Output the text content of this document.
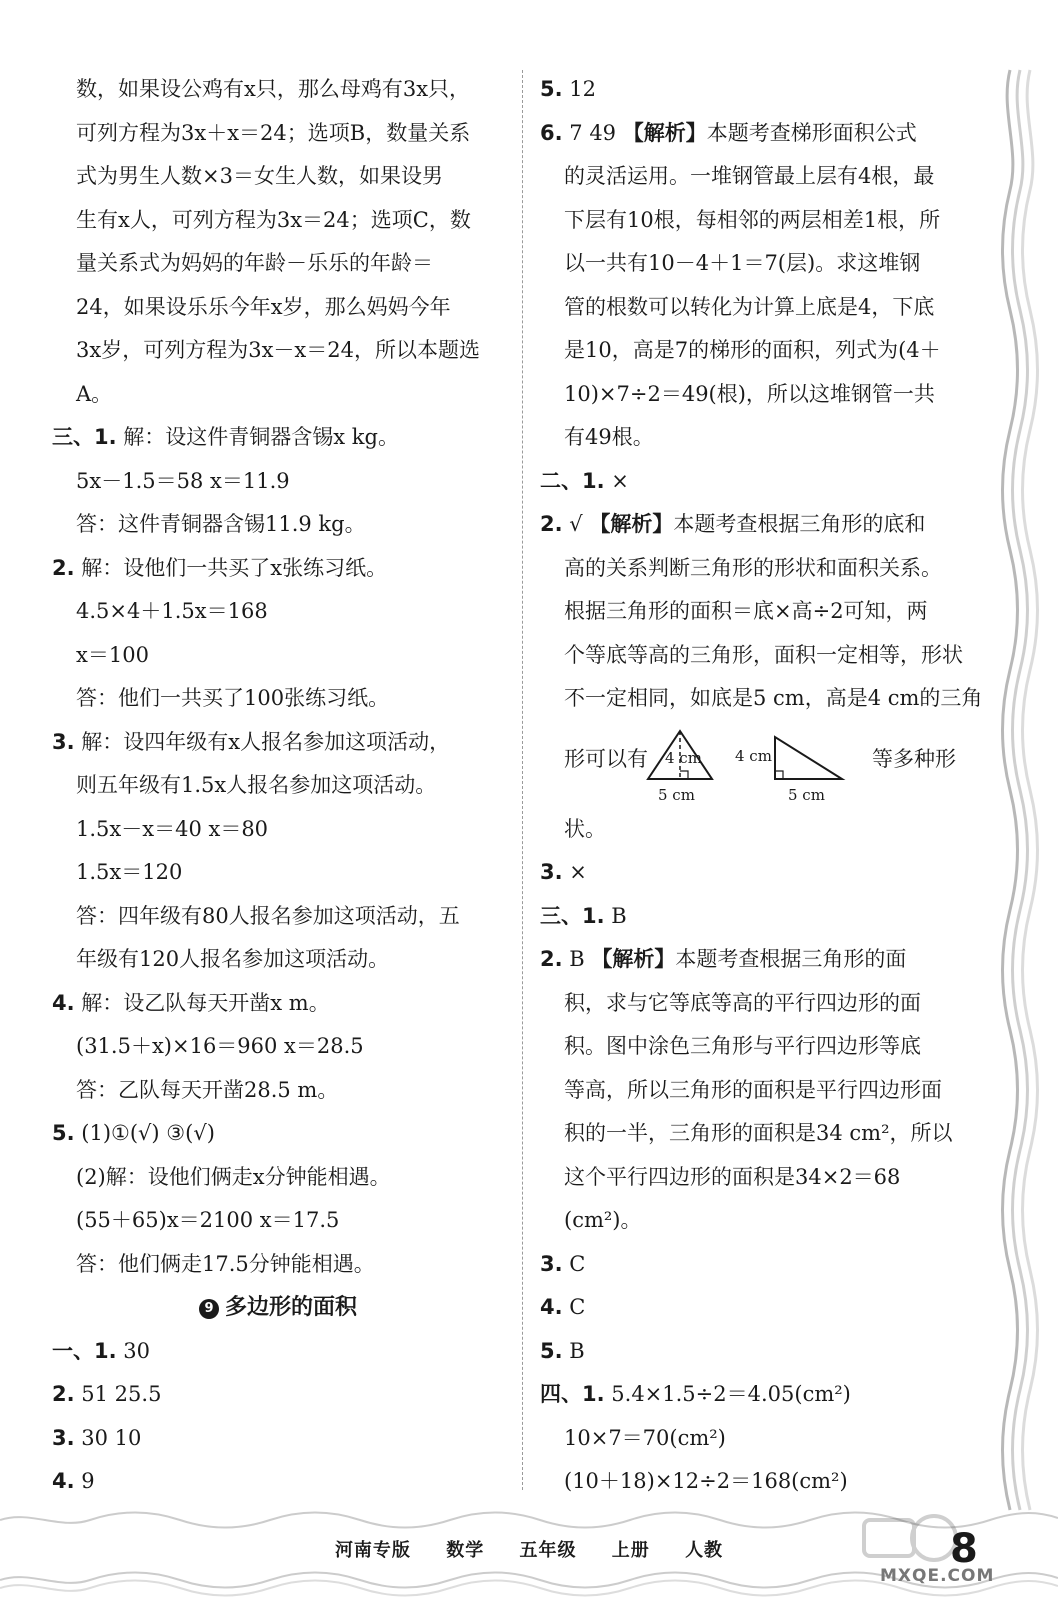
数，如果设公鸡有x只，那么母鸡有3x只，
可列方程为3x＋x＝24；选项B，数量关系
式为男生人数×3＝女生人数，如果设男
生有x人，可列方程为3x＝24；选项C，数
量关系式为妈妈的年龄－乐乐的年龄＝
24，如果设乐乐今年x岁，那么妈妈今年
3x岁，可列方程为3x－x＝24，所以本题选
A。
三、1. 解：设这件青铜器含锡x kg。
5x－1.5＝58 x＝11.9
答：这件青铜器含锡11.9 kg。
2. 解：设他们一共买了x张练习纸。
4.5×4＋1.5x＝168
x＝100
答：他们一共买了100张练习纸。
3. 解：设四年级有x人报名参加这项活动，
则五年级有1.5x人报名参加这项活动。
1.5x－x＝40 x＝80
1.5x＝120
答：四年级有80人报名参加这项活动，五
年级有120人报名参加这项活动。
4. 解：设乙队每天开凿x m。
(31.5＋x)×16＝960 x＝28.5
答：乙队每天开凿28.5 m。
5. (1)①(√) ③(√)
(2)解：设他们俩走x分钟能相遇。
(55＋65)x＝2100 x＝17.5
答：他们俩走17.5分钟能相遇。
9 多边形的面积
一、1. 30
2. 51 25.5
3. 30 10
4. 9
5. 12
6. 7 49 【解析】本题考查梯形面积公式
的灵活运用。一堆钢管最上层有4根，最
下层有10根，每相邻的两层相差1根，所
以一共有10－4＋1＝7(层)。求这堆钢
管的根数可以转化为计算上底是4，下底
是10，高是7的梯形的面积，列式为(4＋
10)×7÷2＝49(根)，所以这堆钢管一共
有49根。
二、1. ×
2. √ 【解析】本题考查根据三角形的底和
高的关系判断三角形的形状和面积关系。
根据三角形的面积＝底×高÷2可知，两
个等底等高的三角形，面积一定相等，形状
不一定相同，如底是5 cm，高是4 cm的三角
形可以有 4 cm 4 cm
5 cm	5 cm
等多种形
状。
3. ×
三、1. B
2. B 【解析】本题考查根据三角形的面
积，求与它等底等高的平行四边形的面
积。图中涂色三角形与平行四边形等底
等高，所以三角形的面积是平行四边形面
积的一半，三角形的面积是34 cm²，所以
这个平行四边形的面积是34×2＝68
(cm²)。
3. C
4. C
5. B
四、1. 5.4×1.5÷2＝4.05(cm²)
10×7＝70(cm²)
(10＋18)×12÷2＝168(cm²)
河南专版 数学 五年级 上册 人教
MXQE.COM
8
